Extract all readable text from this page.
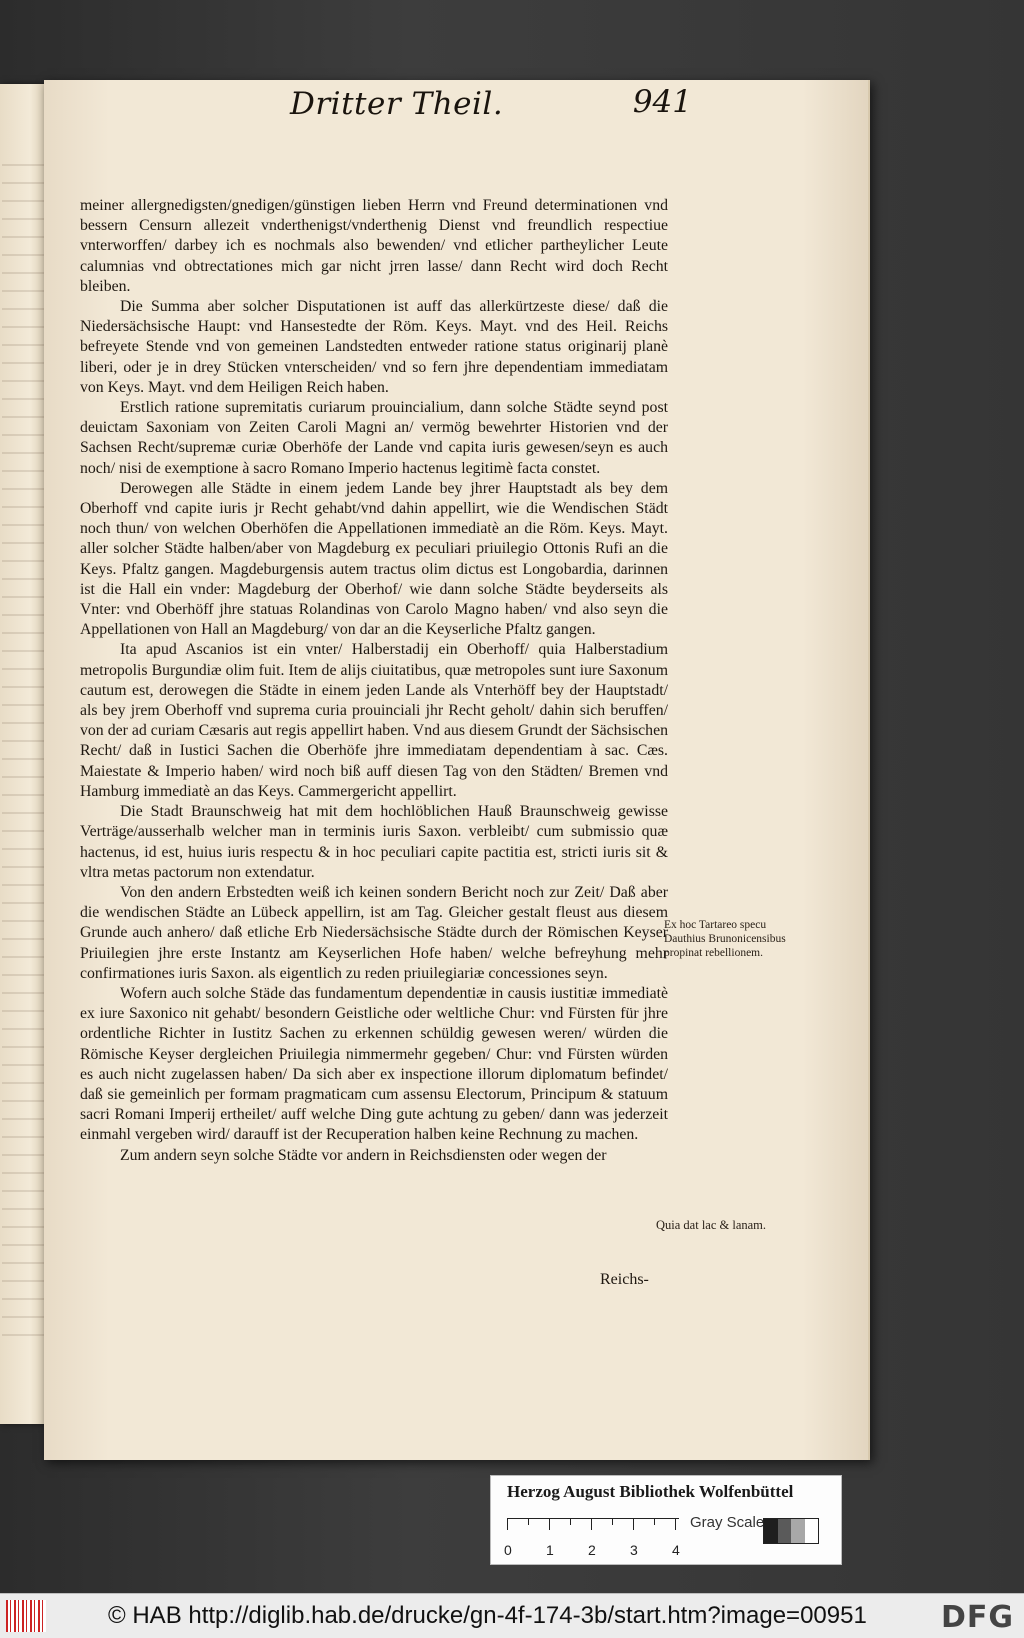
Dritter Theil.	941

meiner allergnedigsten/gnedigen/günstigen lieben Herrn vnd Freund determinationen vnd bessern Censurn allezeit vnderthenigst/vnderthenig Dienst vnd freundlich respectiue vnterworffen/ darbey ich es nochmals also bewenden/ vnd etlicher partheylicher Leute calumnias vnd obtrectationes mich gar nicht jrren lasse/ dann Recht wird doch Recht bleiben.

Die Summa aber solcher Disputationen ist auff das allerkürtzeste diese/ daß die Niedersächsische Haupt: vnd Hansestedte der Röm. Keys. Mayt. vnd des Heil. Reichs befreyete Stende vnd von gemeinen Landstedten entweder ratione status originarij planè liberi, oder je in drey Stücken vnterscheiden/ vnd so fern jhre dependentiam immediatam von Keys. Mayt. vnd dem Heiligen Reich haben.

Erstlich ratione supremitatis curiarum prouincialium, dann solche Städte seynd post deuictam Saxoniam von Zeiten Caroli Magni an/ vermög bewehrter Historien vnd der Sachsen Recht/supremæ curiæ Oberhöfe der Lande vnd capita iuris gewesen/seyn es auch noch/ nisi de exemptione à sacro Romano Imperio hactenus legitimè facta constet.

Derowegen alle Städte in einem jedem Lande bey jhrer Hauptstadt als bey dem Oberhoff vnd capite iuris jr Recht gehabt/vnd dahin appellirt, wie die Wendischen Städt noch thun/ von welchen Oberhöfen die Appellationen immediatè an die Röm. Keys. Mayt. aller solcher Städte halben/aber von Magdeburg ex peculiari priuilegio Ottonis Rufi an die Keys. Pfaltz gangen. Magdeburgensis autem tractus olim dictus est Longobardia, darinnen ist die Hall ein vnder: Magdeburg der Oberhof/ wie dann solche Städte beyderseits als Vnter: vnd Oberhöff jhre statuas Rolandinas von Carolo Magno haben/ vnd also seyn die Appellationen von Hall an Magdeburg/ von dar an die Keyserliche Pfaltz gangen.

Ita apud Ascanios ist ein vnter/ Halberstadij ein Oberhoff/ quia Halberstadium metropolis Burgundiæ olim fuit. Item de alijs ciuitatibus, quæ metropoles sunt iure Saxonum cautum est, derowegen die Städte in einem jeden Lande als Vnterhöff bey der Hauptstadt/ als bey jrem Oberhoff vnd suprema curia prouinciali jhr Recht geholt/ dahin sich beruffen/ von der ad curiam Cæsaris aut regis appellirt haben. Vnd aus diesem Grundt der Sächsischen Recht/ daß in Iustici Sachen die Oberhöfe jhre immediatam dependentiam à sac. Cæs. Maiestate & Imperio haben/ wird noch biß auff diesen Tag von den Städten/ Bremen vnd Hamburg immediatè an das Keys. Cammergericht appellirt.

Die Stadt Braunschweig hat mit dem hochlöblichen Hauß Braunschweig gewisse Verträge/ausserhalb welcher man in terminis iuris Saxon. verbleibt/ cum submissio quæ hactenus, id est, huius iuris respectu & in hoc peculiari capite pactitia est, stricti iuris sit & vltra metas pactorum non extendatur.

Von den andern Erbstedten weiß ich keinen sondern Bericht noch zur Zeit/ Daß aber die wendischen Städte an Lübeck appellirn, ist am Tag. Gleicher gestalt fleust aus diesem Grunde auch anhero/ daß etliche Erb Niedersächsische Städte durch der Römischen Keyser Priuilegien jhre erste Instantz am Keyserlichen Hofe haben/ welche befreyhung mehr confirmationes iuris Saxon. als eigentlich zu reden priuilegiariæ concessiones seyn.

Wofern auch solche Städe das fundamentum dependentiæ in causis iustitiæ immediatè ex iure Saxonico nit gehabt/ besondern Geistliche oder weltliche Chur: vnd Fürsten für jhre ordentliche Richter in Iustitz Sachen zu erkennen schüldig gewesen weren/ würden die Römische Keyser dergleichen Priuilegia nimmermehr gegeben/ Chur: vnd Fürsten würden es auch nicht zugelassen haben/ Da sich aber ex inspectione illorum diplomatum befindet/ daß sie gemeinlich per formam pragmaticam cum assensu Electorum, Principum & statuum sacri Romani Imperij ertheilet/ auff welche Ding gute achtung zu geben/ dann was jederzeit einmahl vergeben wird/ darauff ist der Recuperation halben keine Rechnung zu machen.

Zum andern seyn solche Städte vor andern in Reichsdiensten oder wegen der

Reichs-
Ex hoc Tartareo specu Dauthius Brunonicensibus propinat rebellionem.
Quia dat lac & lanam.
Herzog August Bibliothek Wolfenbüttel
0 1 2 3 4
Gray Scale
© HAB http://diglib.hab.de/drucke/gn-4f-174-3b/start.htm?image=00951 DFG
